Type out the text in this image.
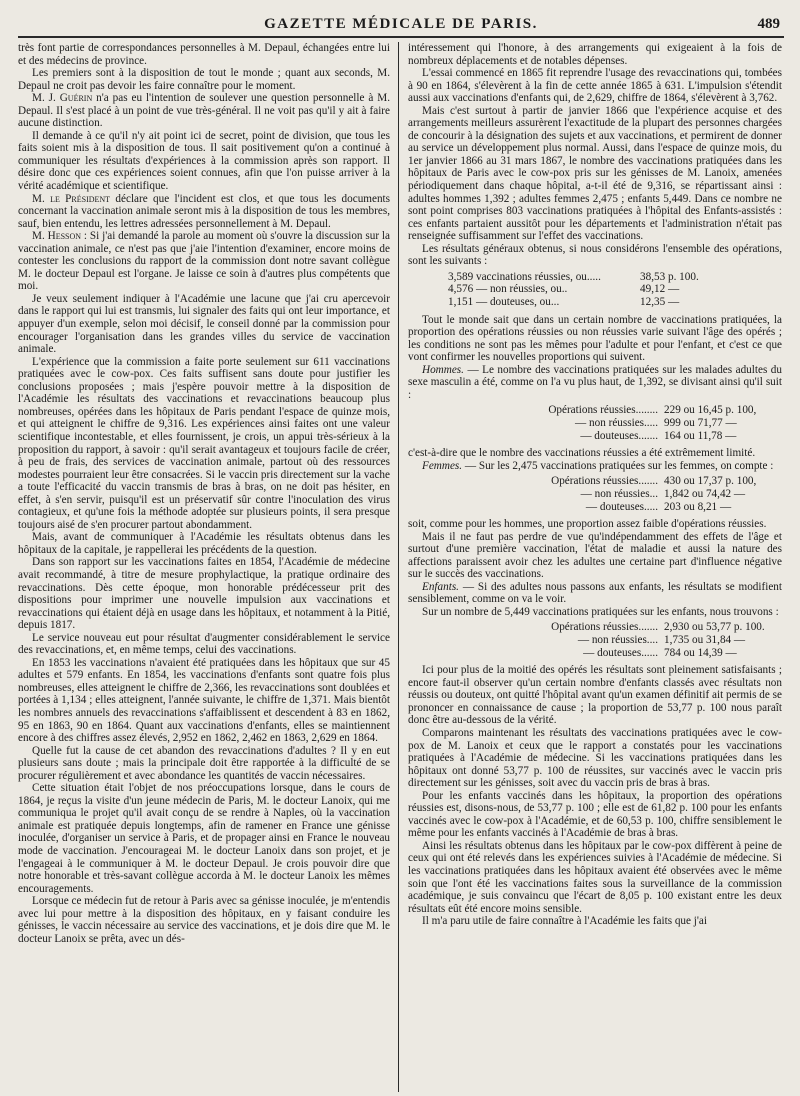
GAZETTE MÉDICALE DE PARIS.	489

très font partie de correspondances personnelles à M. Depaul, échangées entre lui et des médecins de province.

Les premiers sont à la disposition de tout le monde ; quant aux seconds, M. Depaul ne croit pas devoir les faire connaître pour le moment.

M. J. Guérin n'a pas eu l'intention de soulever une question personnelle à M. Depaul. Il s'est placé à un point de vue très-général. Il ne voit pas qu'il y ait à faire aucune distinction.

Il demande à ce qu'il n'y ait point ici de secret, point de division, que tous les faits soient mis à la disposition de tous. Il sait positivement qu'on a continué à communiquer les résultats d'expériences à la commission après son rapport. Il désire donc que ces expériences soient connues, afin que l'on puisse arriver à la vérité académique et scientifique.

M. le Président déclare que l'incident est clos, et que tous les documents concernant la vaccination animale seront mis à la disposition de tous les membres, sauf, bien entendu, les lettres adressées personnellement à M. Depaul.

M. Hesson : Si j'ai demandé la parole au moment où s'ouvre la discussion sur la vaccination animale, ce n'est pas que j'aie l'intention d'examiner, encore moins de contester les conclusions du rapport de la commission dont notre savant collègue M. le docteur Depaul est l'organe. Je laisse ce soin à d'autres plus compétents que moi.

Je veux seulement indiquer à l'Académie une lacune que j'ai cru apercevoir dans le rapport qui lui est transmis, lui signaler des faits qui ont leur importance, et appuyer d'un exemple, selon moi décisif, le conseil donné par la commission pour encourager l'organisation dans les grandes villes du service de vaccination animale.

L'expérience que la commission a faite porte seulement sur 611 vaccinations pratiquées avec le cow-pox. Ces faits suffisent sans doute pour justifier les conclusions proposées ; mais j'espère pouvoir mettre à la disposition de l'Académie les résultats des vaccinations et revaccinations beaucoup plus nombreuses, opérées dans les hôpitaux de Paris pendant l'espace de quinze mois, et qui atteignent le chiffre de 9,316. Les expériences ainsi faites ont une valeur scientifique incontestable, et elles fournissent, je crois, un appui très-sérieux à la proposition du rapport, à savoir : qu'il serait avantageux et toujours facile de créer, à peu de frais, des services de vaccination animale, partout où des ressources modestes pourraient leur être consacrées. Si le vaccin pris directement sur la vache a toute l'efficacité du vaccin transmis de bras à bras, on ne doit pas hésiter, en effet, à s'en servir, puisqu'il est un préservatif sûr contre l'inoculation des virus contagieux, et qu'une fois la méthode adoptée sur plusieurs points, il sera presque toujours aisé de s'en procurer partout abondamment.

Mais, avant de communiquer à l'Académie les résultats obtenus dans les hôpitaux de la capitale, je rappellerai les précédents de la question.

Dans son rapport sur les vaccinations faites en 1854, l'Académie de médecine avait recommandé, à titre de mesure prophylactique, la pratique ordinaire des revaccinations. Dès cette époque, mon honorable prédécesseur prit des dispositions pour imprimer une nouvelle impulsion aux vaccinations et revaccinations qui étaient déjà en usage dans les hôpitaux, et notamment à la Pitié, depuis 1817.

Le service nouveau eut pour résultat d'augmenter considérablement le service des revaccinations, et, en même temps, celui des vaccinations.

En 1853 les vaccinations n'avaient été pratiquées dans les hôpitaux que sur 45 adultes et 579 enfants. En 1854, les vaccinations d'enfants sont quatre fois plus nombreuses, elles atteignent le chiffre de 2,366, les revaccinations sont doublées et portées à 1,134 ; elles atteignent, l'année suivante, le chiffre de 1,371. Mais bientôt les nombres annuels des revaccinations s'affaiblissent et descendent à 83 en 1862, 95 en 1863, 90 en 1864. Quant aux vaccinations d'enfants, elles se maintiennent encore à des chiffres assez élevés, 2,952 en 1862, 2,462 en 1863, 2,629 en 1864.

Quelle fut la cause de cet abandon des revaccinations d'adultes ? Il y en eut plusieurs sans doute ; mais la principale doit être rapportée à la difficulté de se procurer régulièrement et avec abondance les quantités de vaccin nécessaires.

Cette situation était l'objet de nos préoccupations lorsque, dans le cours de 1864, je reçus la visite d'un jeune médecin de Paris, M. le docteur Lanoix, qui me communiqua le projet qu'il avait conçu de se rendre à Naples, où la vaccination animale est pratiquée depuis longtemps, afin de ramener en France une génisse inoculée, d'organiser un service à Paris, et de propager ainsi en France le nouveau mode de vaccination. J'encourageai M. le docteur Lanoix dans son projet, et je l'engageai à le communiquer à M. le docteur Depaul. Je crois pouvoir dire que notre honorable et très-savant collègue accorda à M. le docteur Lanoix les mêmes encouragements.

Lorsque ce médecin fut de retour à Paris avec sa génisse inoculée, je m'entendis avec lui pour mettre à la disposition des hôpitaux, en y faisant conduire les génisses, le vaccin nécessaire au service des vaccinations, et je dois dire que M. le docteur Lanoix se prêta, avec un dés-

intéressement qui l'honore, à des arrangements qui exigeaient à la fois de nombreux déplacements et de notables dépenses.

L'essai commencé en 1865 fit reprendre l'usage des revaccinations qui, tombées à 90 en 1864, s'élevèrent à la fin de cette année 1865 à 631. L'impulsion s'étendit aussi aux vaccinations d'enfants qui, de 2,629, chiffre de 1864, s'élevèrent à 3,762.

Mais c'est surtout à partir de janvier 1866 que l'expérience acquise et des arrangements meilleurs assurèrent l'exactitude de la plupart des personnes chargées de concourir à la désignation des sujets et aux vaccinations, et permirent de donner au service un développement plus normal. Aussi, dans l'espace de quinze mois, du 1er janvier 1866 au 31 mars 1867, le nombre des vaccinations pratiquées dans les hôpitaux de Paris avec le cow-pox pris sur les génisses de M. Lanoix, amenées périodiquement dans chaque hôpital, a-t-il été de 9,316, se répartissant ainsi : adultes hommes 1,392 ; adultes femmes 2,475 ; enfants 5,449. Dans ce nombre ne sont point comprises 803 vaccinations pratiquées à l'hôpital des Enfants-assistés : ces enfants partaient aussitôt pour les départements et l'administration n'était pas renseignée suffisamment sur l'effet des vaccinations.

Les résultats généraux obtenus, si nous considérons l'ensemble des opérations, sont les suivants :

3,589 vaccinations réussies, ou.....	38,53 p. 100.
4,576 — non réussies, ou..	49,12 —
1,151 — douteuses, ou...	12,35 —

Tout le monde sait que dans un certain nombre de vaccinations pratiquées, la proportion des opérations réussies ou non réussies varie suivant l'âge des opérés ; les conditions ne sont pas les mêmes pour l'adulte et pour l'enfant, et c'est ce que vont confirmer les nouvelles proportions qui suivent.

Hommes. — Le nombre des vaccinations pratiquées sur les malades adultes du sexe masculin a été, comme on l'a vu plus haut, de 1,392, se divisant ainsi qu'il suit :

Opérations réussies........ 229 ou 16,45 p. 100,
— non réussies..... 999 ou 71,77 —
— douteuses....... 164 ou 11,78 —

c'est-à-dire que le nombre des vaccinations réussies a été extrêmement limité.

Femmes. — Sur les 2,475 vaccinations pratiquées sur les femmes, on compte :

Opérations réussies....... 430 ou 17,37 p. 100,
— non réussies... 1,842 ou 74,42 —
— douteuses..... 203 ou 8,21 —

soit, comme pour les hommes, une proportion assez faible d'opérations réussies.

Mais il ne faut pas perdre de vue qu'indépendamment des effets de l'âge et surtout d'une première vaccination, l'état de maladie et aussi la nature des affections paraissent avoir chez les adultes une certaine part d'influence négative sur le succès des vaccinations.

Enfants. — Si des adultes nous passons aux enfants, les résultats se modifient sensiblement, comme on va le voir.

Sur un nombre de 5,449 vaccinations pratiquées sur les enfants, nous trouvons :

Opérations réussies....... 2,930 ou 53,77 p. 100.
— non réussies.... 1,735 ou 31,84 —
— douteuses...... 784 ou 14,39 —

Ici pour plus de la moitié des opérés les résultats sont pleinement satisfaisants ; encore faut-il observer qu'un certain nombre d'enfants classés avec résultats non réussis ou douteux, ont quitté l'hôpital avant qu'un examen définitif ait permis de se prononcer en connaissance de cause ; la proportion de 53,77 p. 100 nous paraît donc être au-dessous de la vérité.

Comparons maintenant les résultats des vaccinations pratiquées avec le cow-pox de M. Lanoix et ceux que le rapport a constatés pour les vaccinations pratiquées à l'Académie de médecine. Si les vaccinations pratiquées dans les hôpitaux ont donné 53,77 p. 100 de réussites, sur vaccinés avec le vaccin pris directement sur les génisses, soit avec du vaccin pris de bras à bras.

Pour les enfants vaccinés dans les hôpitaux, la proportion des opérations réussies est, disons-nous, de 53,77 p. 100 ; elle est de 61,82 p. 100 pour les enfants vaccinés avec le cow-pox à l'Académie, et de 60,53 p. 100, chiffre sensiblement le même pour les enfants vaccinés à l'Académie de bras à bras.

Ainsi les résultats obtenus dans les hôpitaux par le cow-pox diffèrent à peine de ceux qui ont été relevés dans les expériences suivies à l'Académie de médecine. Si les vaccinations pratiquées dans les hôpitaux avaient été observées avec le même soin que l'ont été les vaccinations faites sous la surveillance de la commission académique, je suis convaincu que l'écart de 8,05 p. 100 existant entre les deux résultats eût été encore moins sensible.

Il m'a paru utile de faire connaître à l'Académie les faits que j'ai
